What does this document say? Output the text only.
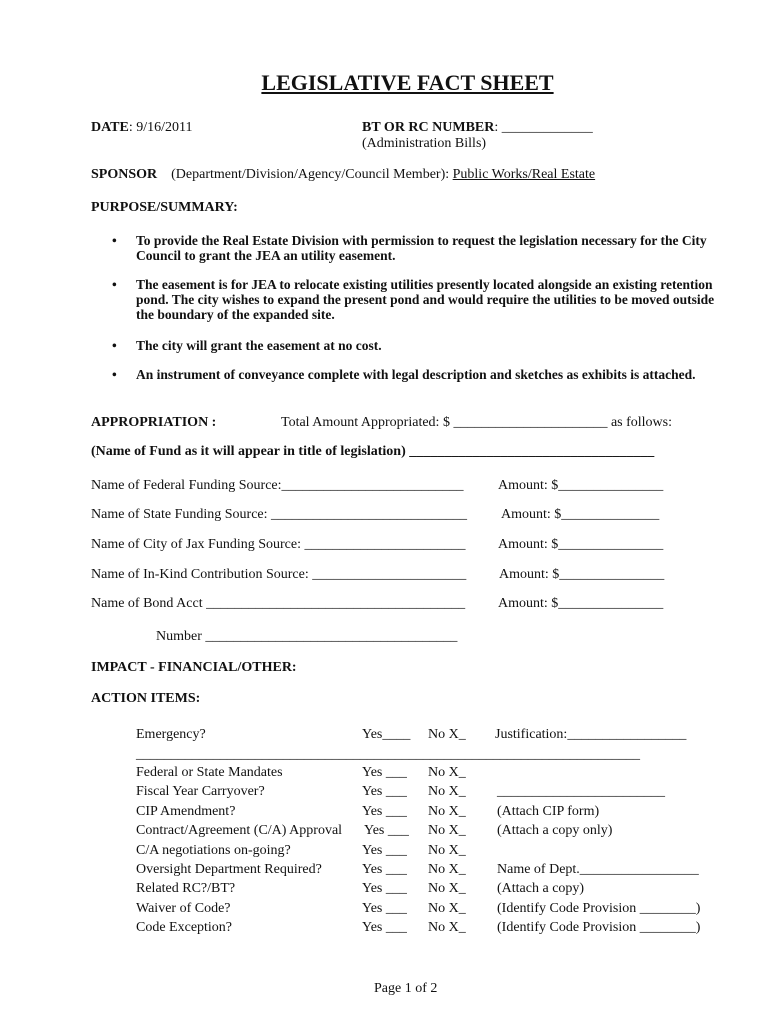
LEGISLATIVE FACT SHEET
DATE: 9/16/2011	BT OR RC NUMBER: _____________
(Administration Bills)
SPONSOR (Department/Division/Agency/Council Member): Public Works/Real Estate
PURPOSE/SUMMARY:
• To provide the Real Estate Division with permission to request the legislation necessary for the City Council to grant the JEA an utility easement.
• The easement is for JEA to relocate existing utilities presently located alongside an existing retention pond. The city wishes to expand the present pond and would require the utilities to be moved outside the boundary of the expanded site.
• The city will grant the easement at no cost.
• An instrument of conveyance complete with legal description and sketches as exhibits is attached.
APPROPRIATION :	Total Amount Appropriated: $ ______________________ as follows:
(Name of Fund as it will appear in title of legislation) ___________________________________
Name of Federal Funding Source:__________________________ Amount: $_______________
Name of State Funding Source: ____________________________ Amount: $______________
Name of City of Jax Funding Source: _______________________ Amount: $_______________
Name of In-Kind Contribution Source: ______________________ Amount: $_______________
Name of Bond Acct _____________________________________ Amount: $_______________
Number ____________________________________
IMPACT - FINANCIAL/OTHER:
ACTION ITEMS:
Emergency?	Yes____ No X_ Justification:_________________
________________________________________________________________________
Federal or State Mandates	Yes ___ No X_
Fiscal Year Carryover?	Yes ___ No X_ ________________________
CIP Amendment?	Yes ___ No X_ (Attach CIP form)
Contract/Agreement (C/A) Approval Yes ___ No X_ (Attach a copy only)
C/A negotiations on-going?	Yes ___ No X_
Oversight Department Required?	Yes ___ No X_ Name of Dept._________________
Related RC?/BT?	Yes ___ No X_ (Attach a copy)
Waiver of Code?	Yes ___ No X_ (Identify Code Provision ________)
Code Exception?	Yes ___ No X_ (Identify Code Provision ________)
Page 1 of 2
